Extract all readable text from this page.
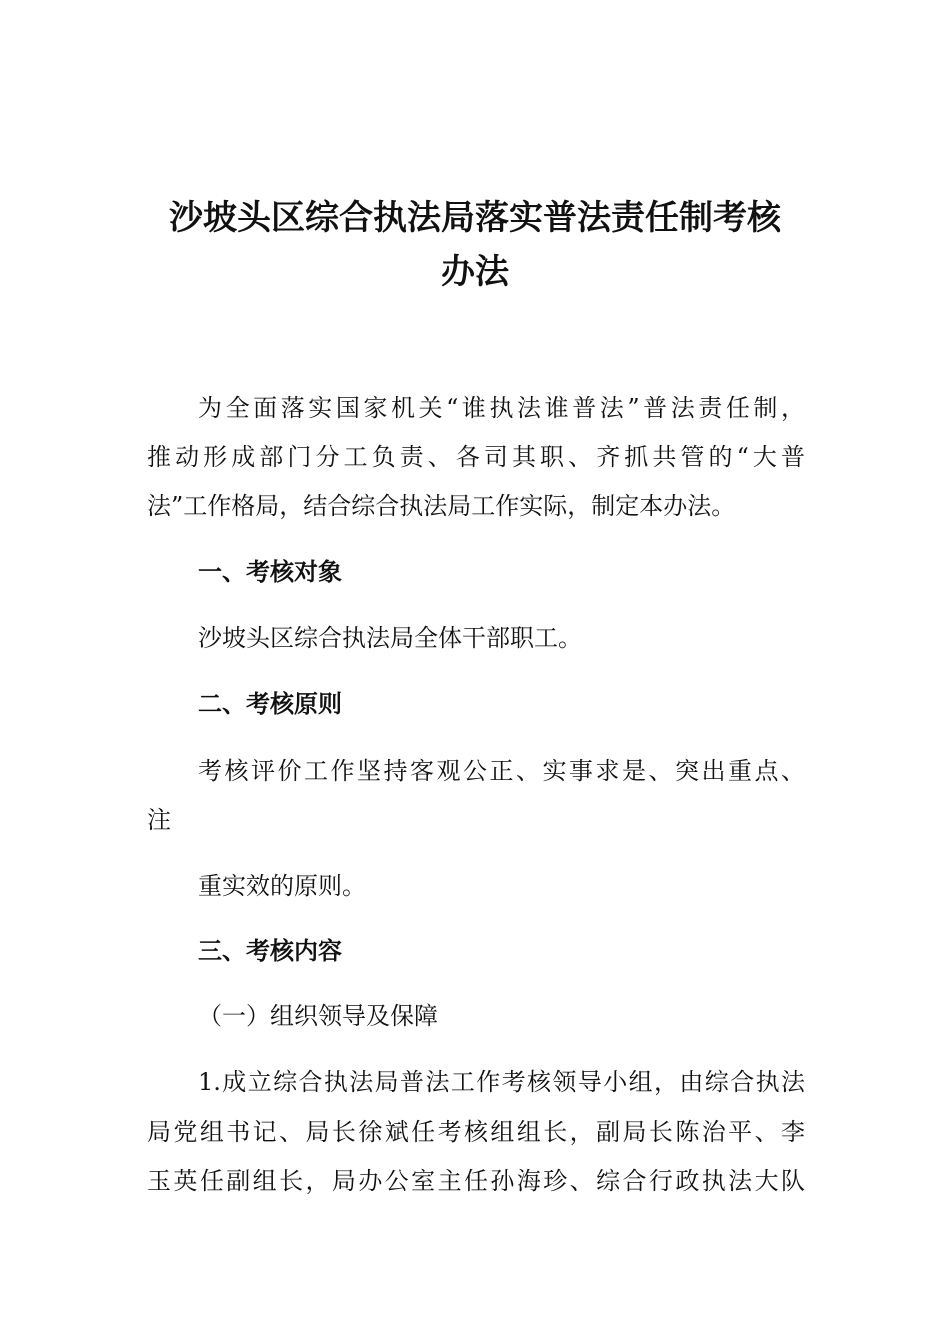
沙坡头区综合执法局落实普法责任制考核
办法
为全面落实国家机关“谁执法谁普法”普法责任制，
推动形成部门分工负责、各司其职、齐抓共管的“大普
法”工作格局，结合综合执法局工作实际，制定本办法。
一、考核对象
沙坡头区综合执法局全体干部职工。
二、考核原则
考核评价工作坚持客观公正、实事求是、突出重点、
注
重实效的原则。
三、考核内容
（一）组织领导及保障
1.成立综合执法局普法工作考核领导小组，由综合执法
局党组书记、局长徐斌任考核组组长，副局长陈治平、李
玉英任副组长，局办公室主任孙海珍、综合行政执法大队
